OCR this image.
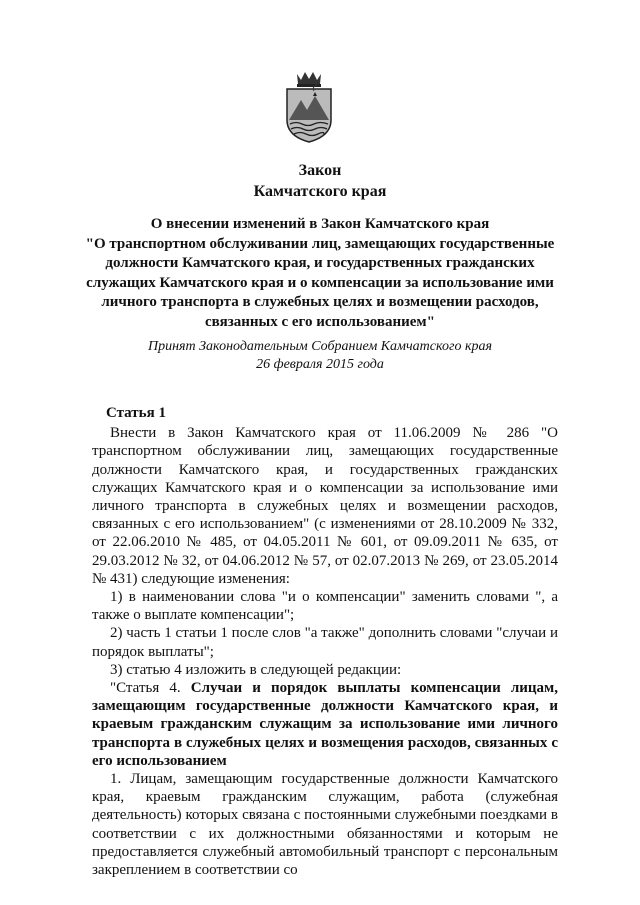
Закон
Камчатского края
О внесении изменений в Закон Камчатского края
"О транспортном обслуживании лиц, замещающих государственные
должности Камчатского края, и государственных гражданских
служащих Камчатского края и о компенсации за использование ими
личного транспорта в служебных целях и возмещении расходов,
связанных с его использованием"
Принят Законодательным Собранием Камчатского края
26 февраля 2015 года

Статья 1

Внести в Закон Камчатского края от 11.06.2009 № 286 "О транспортном обслуживании лиц, замещающих государственные должности Камчатского края, и государственных гражданских служащих Камчатского края и о компенсации за использование ими личного транспорта в служебных целях и возмещении расходов, связанных с его использованием" (с изменениями от 28.10.2009 № 332, от 22.06.2010 № 485, от 04.05.2011 № 601, от 09.09.2011 № 635, от 29.03.2012 № 32, от 04.06.2012 № 57, от 02.07.2013 № 269, от 23.05.2014 № 431) следующие изменения:

1) в наименовании слова "и о компенсации" заменить словами ", а также о выплате компенсации";

2) часть 1 статьи 1 после слов "а также" дополнить словами "случаи и порядок выплаты";

3) статью 4 изложить в следующей редакции:

"Статья 4. Случаи и порядок выплаты компенсации лицам, замещающим государственные должности Камчатского края, и краевым гражданским служащим за использование ими личного транспорта в служебных целях и возмещения расходов, связанных с его использованием

1. Лицам, замещающим государственные должности Камчатского края, краевым гражданским служащим, работа (служебная деятельность) которых связана с постоянными служебными поездками в соответствии с их должностными обязанностями и которым не предоставляется служебный автомобильный транспорт с персональным закреплением в соответствии со
